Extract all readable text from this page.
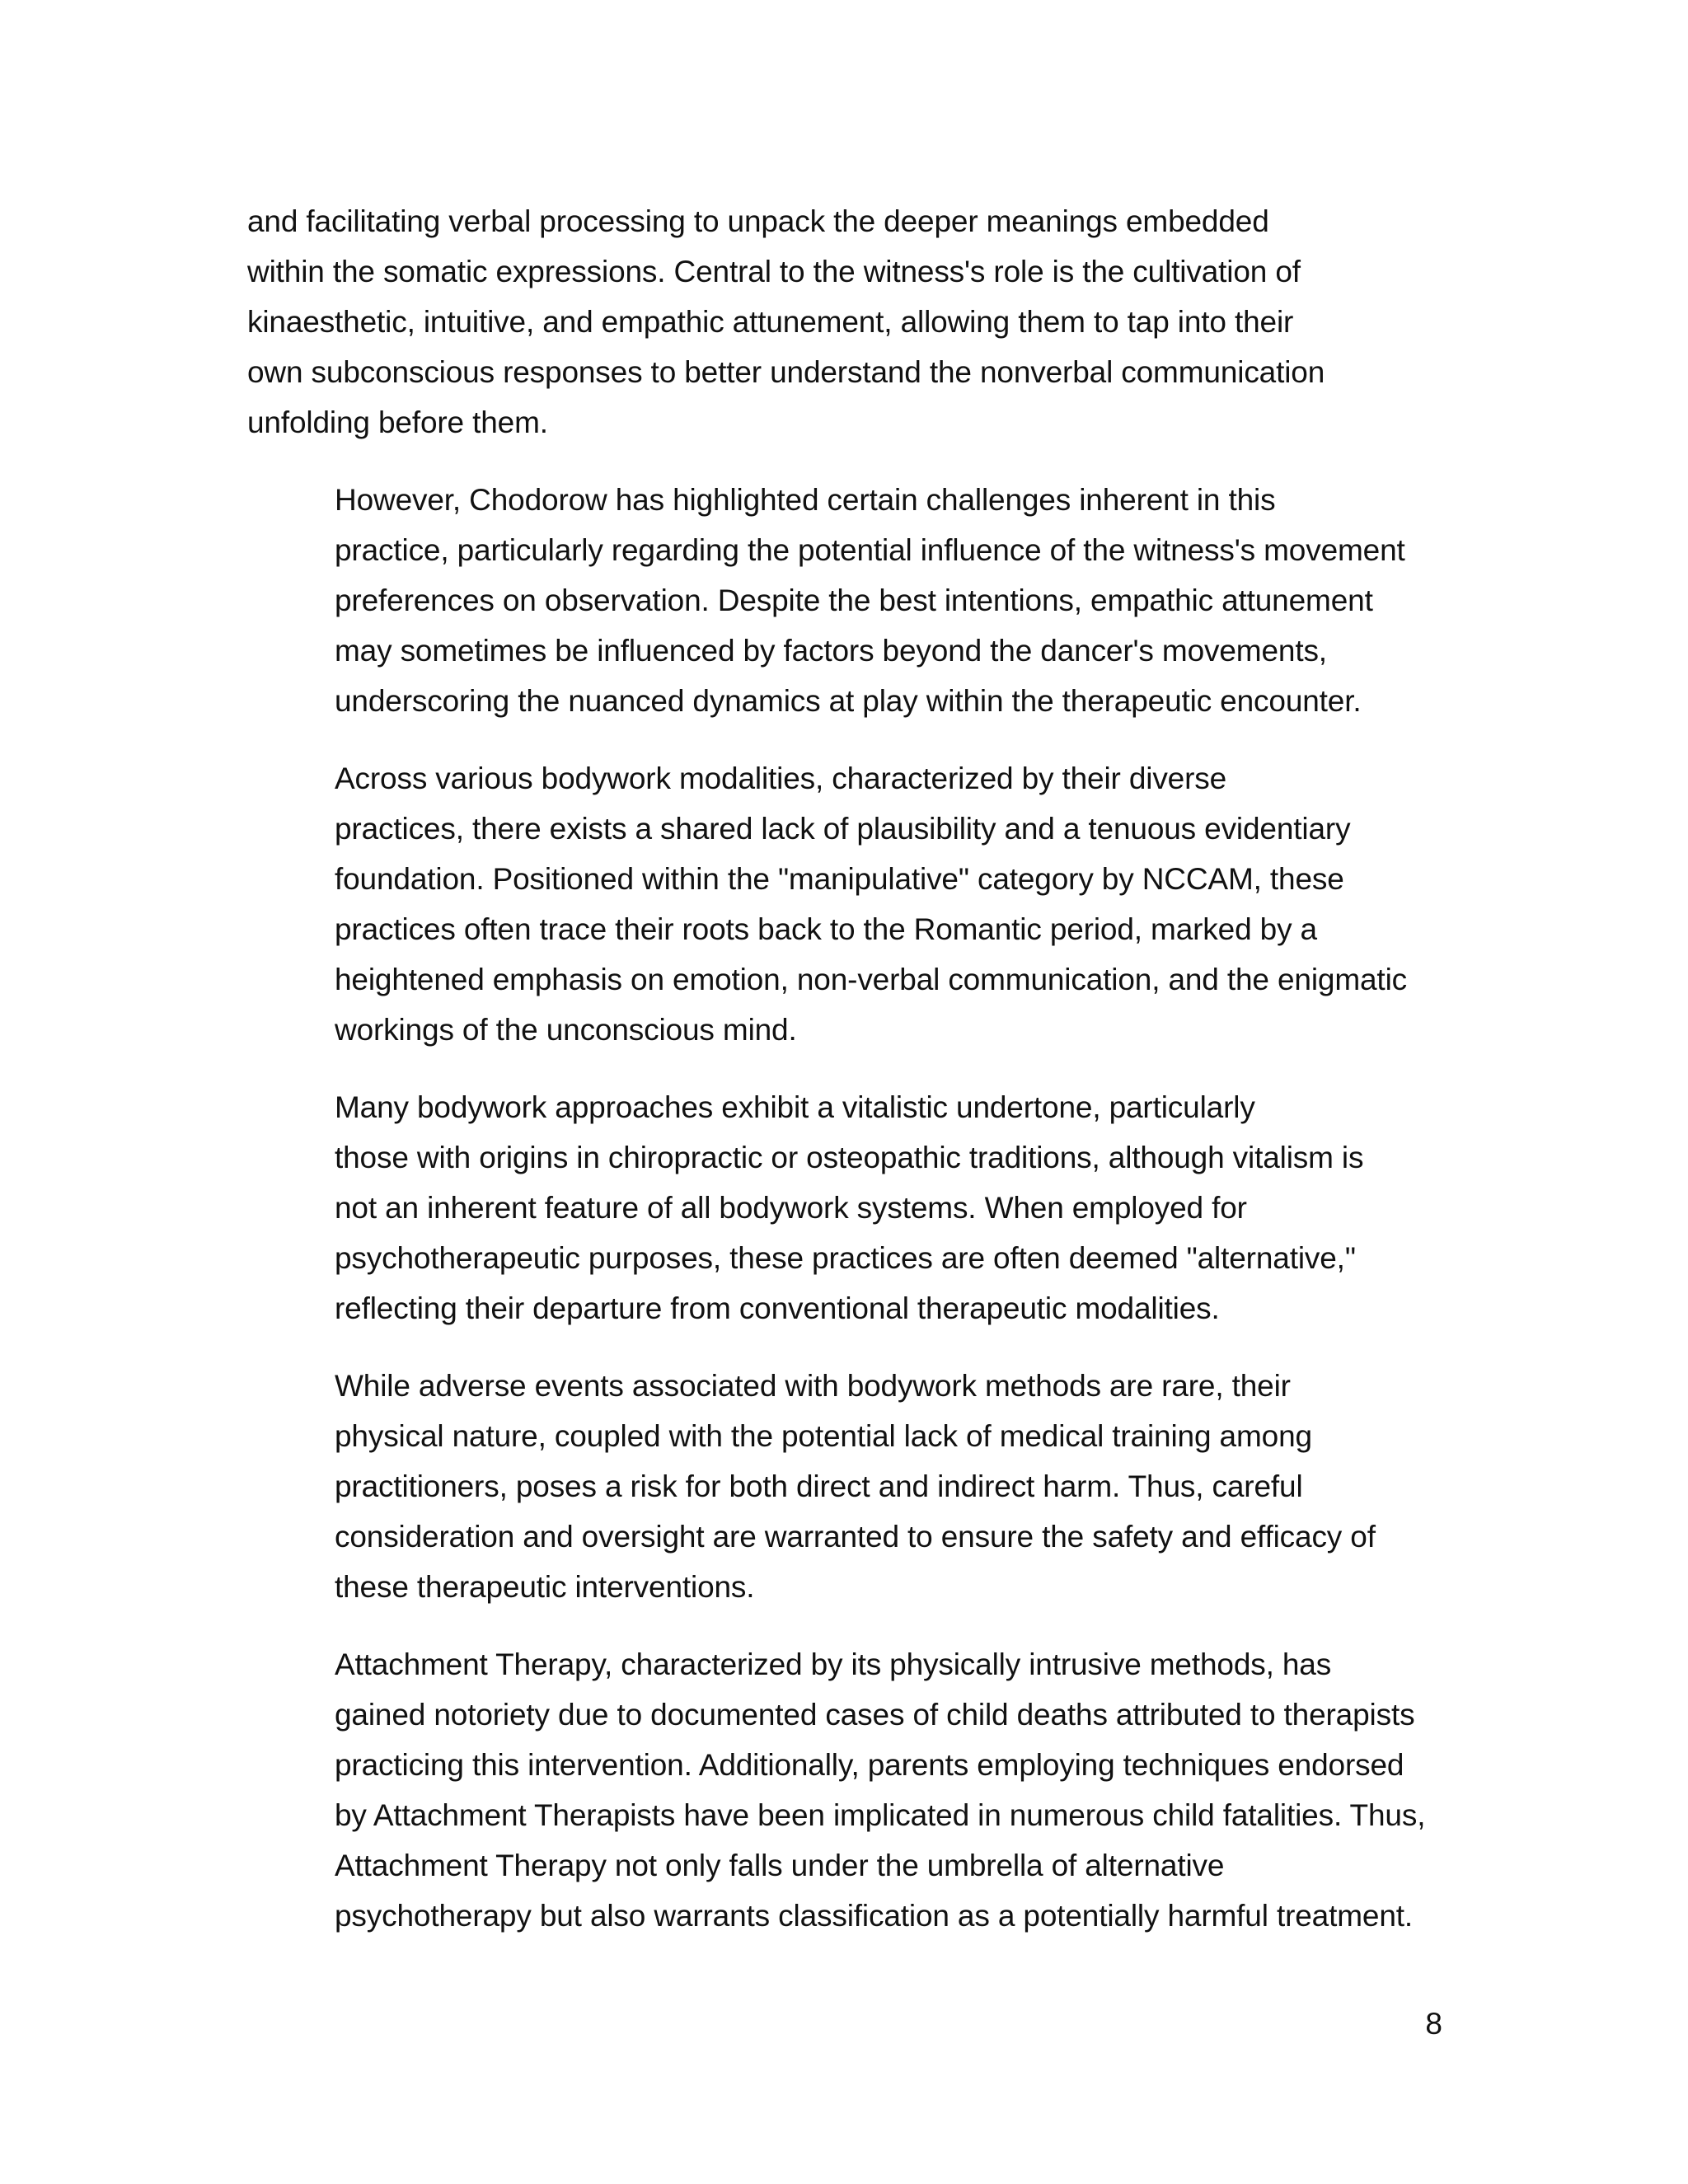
and facilitating verbal processing to unpack the deeper meanings embedded
within the somatic expressions. Central to the witness's role is the cultivation of
kinaesthetic, intuitive, and empathic attunement, allowing them to tap into their
own subconscious responses to better understand the nonverbal communication
unfolding before them.

However, Chodorow has highlighted certain challenges inherent in this
practice, particularly regarding the potential influence of the witness's movement
preferences on observation. Despite the best intentions, empathic attunement
may sometimes be influenced by factors beyond the dancer's movements,
underscoring the nuanced dynamics at play within the therapeutic encounter.

Across various bodywork modalities, characterized by their diverse
practices, there exists a shared lack of plausibility and a tenuous evidentiary
foundation. Positioned within the "manipulative" category by NCCAM, these
practices often trace their roots back to the Romantic period, marked by a
heightened emphasis on emotion, non-verbal communication, and the enigmatic
workings of the unconscious mind.

Many bodywork approaches exhibit a vitalistic undertone, particularly
those with origins in chiropractic or osteopathic traditions, although vitalism is
not an inherent feature of all bodywork systems. When employed for
psychotherapeutic purposes, these practices are often deemed "alternative,"
reflecting their departure from conventional therapeutic modalities.

While adverse events associated with bodywork methods are rare, their
physical nature, coupled with the potential lack of medical training among
practitioners, poses a risk for both direct and indirect harm. Thus, careful
consideration and oversight are warranted to ensure the safety and efficacy of
these therapeutic interventions.

Attachment Therapy, characterized by its physically intrusive methods, has
gained notoriety due to documented cases of child deaths attributed to therapists
practicing this intervention. Additionally, parents employing techniques endorsed
by Attachment Therapists have been implicated in numerous child fatalities. Thus,
Attachment Therapy not only falls under the umbrella of alternative
psychotherapy but also warrants classification as a potentially harmful treatment.

8
